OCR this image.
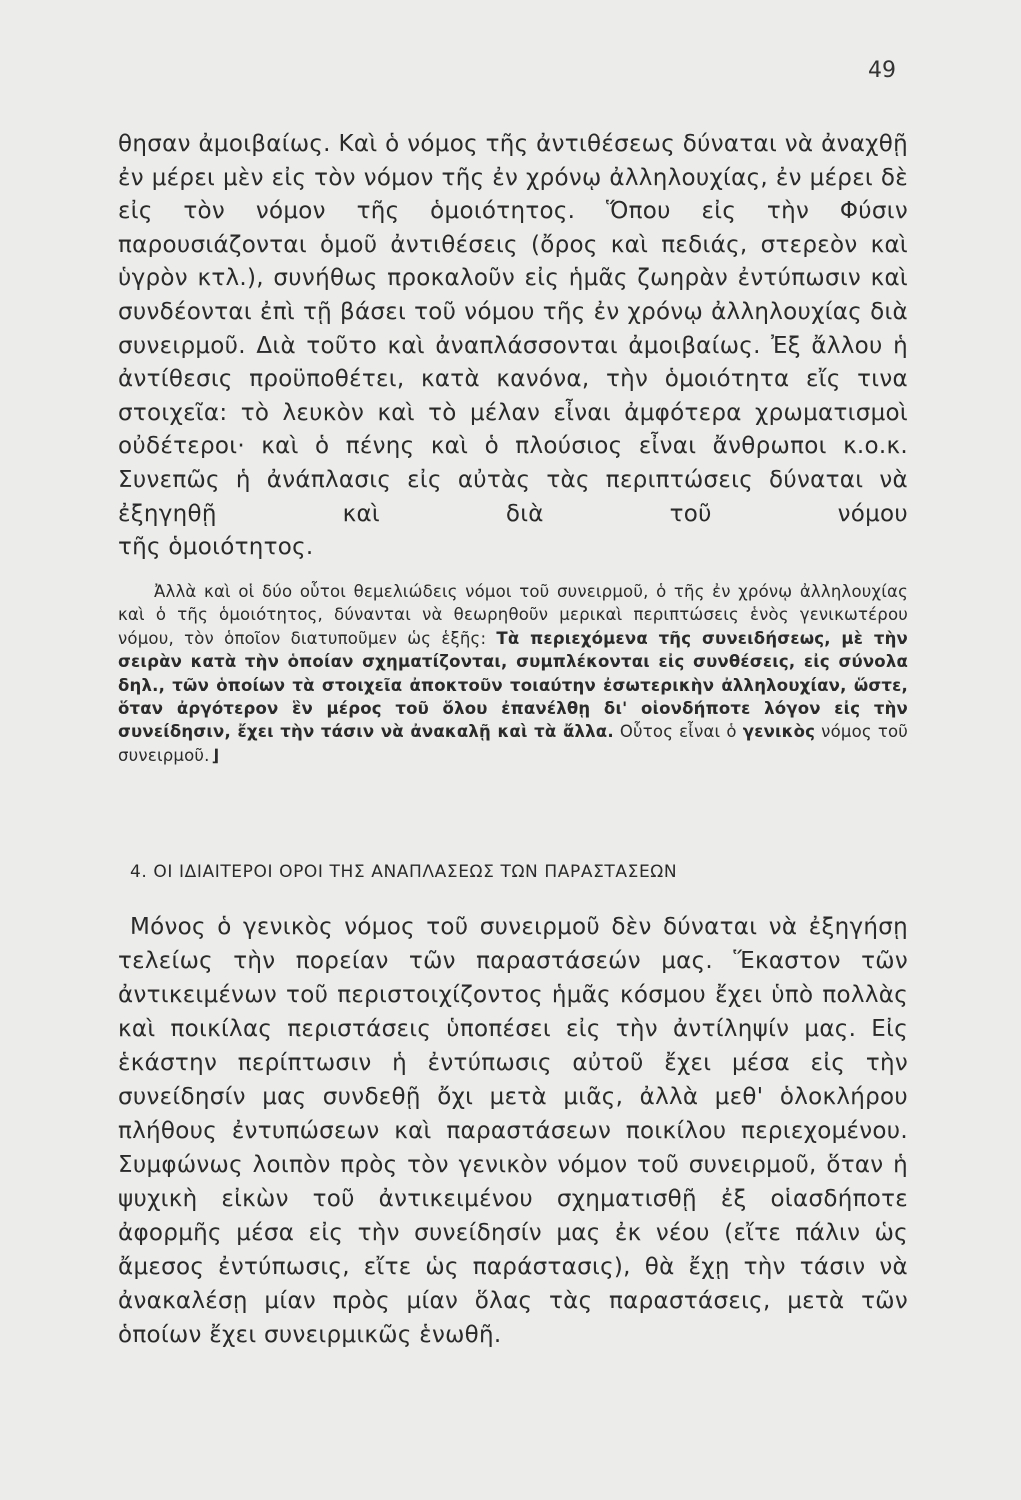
49
θησαν ἀμοιβαίως. Καὶ ὁ νόμος τῆς ἀντιθέσεως δύναται νὰ ἀναχθῇ ἐν μέρει μὲν εἰς τὸν νόμον τῆς ἐν χρόνῳ ἀλληλουχίας, ἐν μέρει δὲ εἰς τὸν νόμον τῆς ὁμοιότητος. Ὅπου εἰς τὴν Φύσιν παρουσιάζονται ὁμοῦ ἀντιθέσεις (ὄρος καὶ πεδιάς, στερεὸν καὶ ὑγρὸν κτλ.), συνήθως προκαλοῦν εἰς ἡμᾶς ζωηρὰν ἐντύπωσιν καὶ συνδέονται ἐπὶ τῇ βάσει τοῦ νόμου τῆς ἐν χρόνῳ ἀλληλουχίας διὰ συνειρμοῦ. Διὰ τοῦτο καὶ ἀναπλάσσονται ἀμοιβαίως. Ἐξ ἄλλου ἡ ἀντίθεσις προϋποθέτει, κατὰ κανόνα, τὴν ὁμοιότητα εἴς τινα στοιχεῖα: τὸ λευκὸν καὶ τὸ μέλαν εἶναι ἀμφότερα χρωματισμοὶ οὐδέτεροι· καὶ ὁ πένης καὶ ὁ πλούσιος εἶναι ἄνθρωποι κ.ο.κ. Συνεπῶς ἡ ἀνάπλασις εἰς αὐτὰς τὰς περιπτώσεις δύναται νὰ ἐξηγηθῇ καὶ διὰ τοῦ νόμου
τῆς ὁμοιότητος.
Ἀλλὰ καὶ οἱ δύο οὗτοι θεμελιώδεις νόμοι τοῦ συνειρμοῦ, ὁ τῆς ἐν χρόνῳ ἀλληλουχίας καὶ ὁ τῆς ὁμοιότητος, δύνανται νὰ θεωρηθοῦν μερικαὶ περιπτώσεις ἑνὸς γενικωτέρου νόμου, τὸν ὁποῖον διατυποῦμεν ὡς ἑξῆς: Τὰ περιεχόμενα τῆς συνειδήσεως, μὲ τὴν σειρὰν κατὰ τὴν ὁποίαν σχηματίζονται, συμπλέκονται εἰς συνθέσεις, εἰς σύνολα δηλ., τῶν ὁποίων τὰ στοιχεῖα ἀποκτοῦν τοιαύτην ἐσωτερικὴν ἀλληλουχίαν, ὥστε, ὅταν ἀργότερον ἓν μέρος τοῦ ὅλου ἐπανέλθῃ δι' οἱονδήποτε λόγον εἰς τὴν συνείδησιν, ἔχει τὴν τάσιν νὰ ἀνακαλῇ καὶ τὰ ἄλλα. Οὗτος εἶναι ὁ γενικὸς νόμος τοῦ συνειρμοῦ. ⌋
4. ΟΙ ΙΔΙΑΙΤΕΡΟΙ ΟΡΟΙ ΤΗΣ ΑΝΑΠΛΑΣΕΩΣ ΤΩΝ ΠΑΡΑΣΤΑΣΕΩΝ
Μόνος ὁ γενικὸς νόμος τοῦ συνειρμοῦ δὲν δύναται νὰ ἐξηγήσῃ τελείως τὴν πορείαν τῶν παραστάσεών μας. Ἕκαστον τῶν ἀντικειμένων τοῦ περιστοιχίζοντος ἡμᾶς κόσμου ἔχει ὑπὸ πολλὰς καὶ ποικίλας περιστάσεις ὑποπέσει εἰς τὴν ἀντίληψίν μας. Εἰς ἑκάστην περίπτωσιν ἡ ἐντύπωσις αὐτοῦ ἔχει μέσα εἰς τὴν συνείδησίν μας συνδεθῇ ὄχι μετὰ μιᾶς, ἀλλὰ μεθ' ὁλοκλήρου πλήθους ἐντυπώσεων καὶ παραστάσεων ποικίλου περιεχομένου. Συμφώνως λοιπὸν πρὸς τὸν γενικὸν νόμον τοῦ συνειρμοῦ, ὅταν ἡ ψυχικὴ εἰκὼν τοῦ ἀντικειμένου σχηματισθῇ ἐξ οἱασδήποτε ἀφορμῆς μέσα εἰς τὴν συνείδησίν μας ἐκ νέου (εἴτε πάλιν ὡς ἄμεσος ἐντύπωσις, εἴτε ὡς παράστασις), θὰ ἔχῃ τὴν τάσιν νὰ ἀνακαλέσῃ μίαν πρὸς μίαν ὅλας τὰς παραστάσεις, μετὰ τῶν ὁποίων ἔχει συνειρμικῶς ἑνωθῆ.
